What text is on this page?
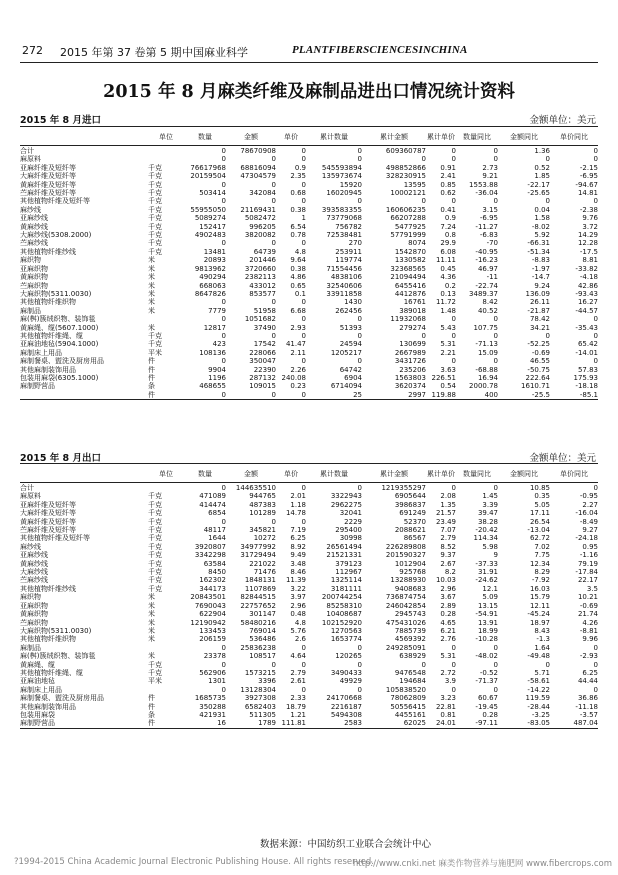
272 2015 年第 37 卷第 5 期 中国麻业科学	PLANTFIBERSCIENCESINCHINA
2015 年 8 月麻类纤维及麻制品进出口情况统计资料
2015 年 8 月进口	金额单位：美元
	单位	数量	金额	单价	累计数量	累计金额	累计单价	数量同比	金额同比	单价同比

合计		0	78670908	0	0	609360787	0	0	1.36	0
麻原料		0	0	0	0	0	0	0	0	0
亚麻纤维及短纤等	千克	76617968	68816094	0.9	545593894	498852866	0.91	2.73	0.52	-2.15
大麻纤维及短纤等	千克	20159504	47304579	2.35	135973674	328230915	2.41	9.21	1.85	-6.95
黄麻纤维及短纤等	千克	0	0	0	15920	13595	0.85	1553.88	-22.17	-94.67
苎麻纤维及短纤等	千克	503414	342084	0.68	16020945	10002121	0.62	-36.04	-25.65	14.81
其他植物纤维及短纤等	千克	0	0	0	0	0	0	0	0	0
麻纱线	千克	55955050	21169431	0.38	393583355	160606235	0.41	3.15	0.04	-2.38
亚麻纱线	千克	5089274	5082472	1	73779068	66207288	0.9	-6.95	1.58	9.76
黄麻纱线	千克	152417	996205	6.54	756782	5477925	7.24	-11.27	-8.02	3.72
大麻纱线(5308.2000)	千克	4902483	3820082	0.78	72538481	57791999	0.8	-6.83	5.92	14.29
苎麻纱线	千克	0	0	0	270	8074	29.9	-70	-66.31	12.28
其他植物纤维纱线	千克	13481	64739	4.8	253911	1542870	6.08	-40.95	-51.34	-17.5
麻织物	米	20893	201446	9.64	119774	1330582	11.11	-16.23	-8.83	8.81
亚麻织物	米	9813962	3720660	0.38	71554456	32368565	0.45	46.97	-1.97	-33.82
黄麻织物	米	490294	2382113	4.86	4838106	21094494	4.36	-11	-14.7	-4.18
苎麻织物	米	668063	433012	0.65	32540606	6455416	0.2	-22.74	9.24	42.86
大麻织物(5311.0030)	米	8647826	853577	0.1	33911858	4412876	0.13	3489.37	136.09	-93.43
其他植物纤维织物	米	0	0	0	1430	16761	11.72	8.42	26.11	16.27
麻制品	米	7779	51958	6.68	262456	389018	1.48	40.52	-21.87	-44.57
麻(桝)簇绒织物、装饰毯		0	1051682	0	0	11932068	0	0	78.42	0
黄麻绳、缆(5607.1000)	米	12817	37490	2.93	51393	279274	5.43	107.75	34.21	-35.43
其他植物纤维绳、缆	千克	0	0	0	0	0	0	0	0	0
亚麻油地毡(5904.1000)	千克	423	17542	41.47	24594	130699	5.31	-71.13	-52.25	65.42
麻制床上用品	平米	108136	228066	2.11	1205217	2667989	2.21	15.09	-0.69	-14.01
麻制餐桌、盥洗及厨房用品	件	0	350047	0	0	3431726	0	0	46.55	0
其他麻制装饰用品	件	9904	22390	2.26	64742	235206	3.63	-68.88	-50.75	57.83
包装用麻袋(6305.1000)	件	1196	287132	240.08	6904	1563803	226.51	16.94	222.64	175.93
麻制野营品	条	468655	109015	0.23	6714094	3620374	0.54	2000.78	1610.71	-18.18
	件	0	0	0	25	2997	119.88	400	-25.5	-85.1
2015 年 8 月出口	金额单位：美元
	单位	数量	金额	单价	累计数量	累计金额	累计单价	数量同比	金额同比	单价同比

合计		0	144635510	0	0	1219355297	0	0	10.85	0
麻原料	千克	471089	944765	2.01	3322943	6905644	2.08	1.45	0.35	-0.95
亚麻纤维及短纤等	千克	414474	487383	1.18	2962275	3986837	1.35	3.39	5.05	2.27
大麻纤维及短纤等	千克	6854	101289	14.78	32041	691249	21.57	39.47	17.11	-16.04
黄麻纤维及短纤等	千克	0	0	0	2229	52370	23.49	38.28	26.54	-8.49
苎麻纤维及短纤等	千克	48117	345821	7.19	295400	2088621	7.07	-20.42	-13.04	9.27
其他植物纤维及短纤等	千克	1644	10272	6.25	30998	86567	2.79	114.34	62.72	-24.18
麻纱线	千克	3920807	34977992	8.92	26561494	226289808	8.52	5.98	7.02	0.95
亚麻纱线	千克	3342298	31729494	9.49	21521331	201590327	9.37	9	7.75	-1.16
黄麻纱线	千克	63584	221022	3.48	379123	1012904	2.67	-37.33	12.34	79.19
大麻纱线	千克	8450	71476	8.46	112967	925768	8.2	31.91	8.29	-17.84
苎麻纱线	千克	162302	1848131	11.39	1325114	13288930	10.03	-24.62	-7.92	22.17
其他植物纤维纱线	千克	344173	1107869	3.22	3181111	9408683	2.96	12.1	16.03	3.5
麻织物	米	20843501	82844515	3.97	200744254	736874754	3.67	5.09	15.79	10.21
亚麻织物	米	7690043	22757652	2.96	85258310	246042854	2.89	13.15	12.11	-0.69
黄麻织物	米	622904	301147	0.48	10408687	2945743	0.28	-54.91	-45.24	21.74
苎麻织物	米	12190942	58480216	4.8	102152920	475431026	4.65	13.91	18.97	4.26
大麻织物(5311.0030)	米	133453	769014	5.76	1270563	7885739	6.21	18.99	8.43	-8.81
其他植物纤维织物	米	206159	536486	2.6	1653774	4569392	2.76	-10.28	-1.3	9.96
麻制品		0	25836238	0	0	249285091	0	0	1.64	0
麻(桝)簇绒织物、装饰毯	米	23378	108517	4.64	120265	638929	5.31	-48.02	-49.48	-2.93
黄麻绳、缆	千克	0	0	0	0	0	0	0	0	0
其他植物纤维绳、缆	千克	562906	1573215	2.79	3490433	9476548	2.72	-0.52	5.71	6.25
亚麻油地毡	平米	1301	3396	2.61	49929	194684	3.9	-71.37	-58.61	44.44
麻制床上用品		0	13128304	0	0	105838520	0	0	-14.22	0
麻制餐桌、盥洗及厨房用品	件	1685735	3927308	2.33	24170668	78062809	3.23	60.67	119.59	36.86
其他麻制装饰用品	件	350288	6582403	18.79	2216187	50556415	22.81	-19.45	-28.44	-11.18
包装用麻袋	条	421931	511305	1.21	5494308	4455161	0.81	0.28	-3.25	-3.57
麻制野营品	件	16	1789	111.81	2583	62025	24.01	-97.11	-83.05	487.04
数据来源：中国纺织工业联合会统计中心
?1994-2015 China Academic Journal Electronic Publishing House. All rights reserved.
http://www.cnki.net 麻类作物营养与施肥网 www.fibercrops.com
